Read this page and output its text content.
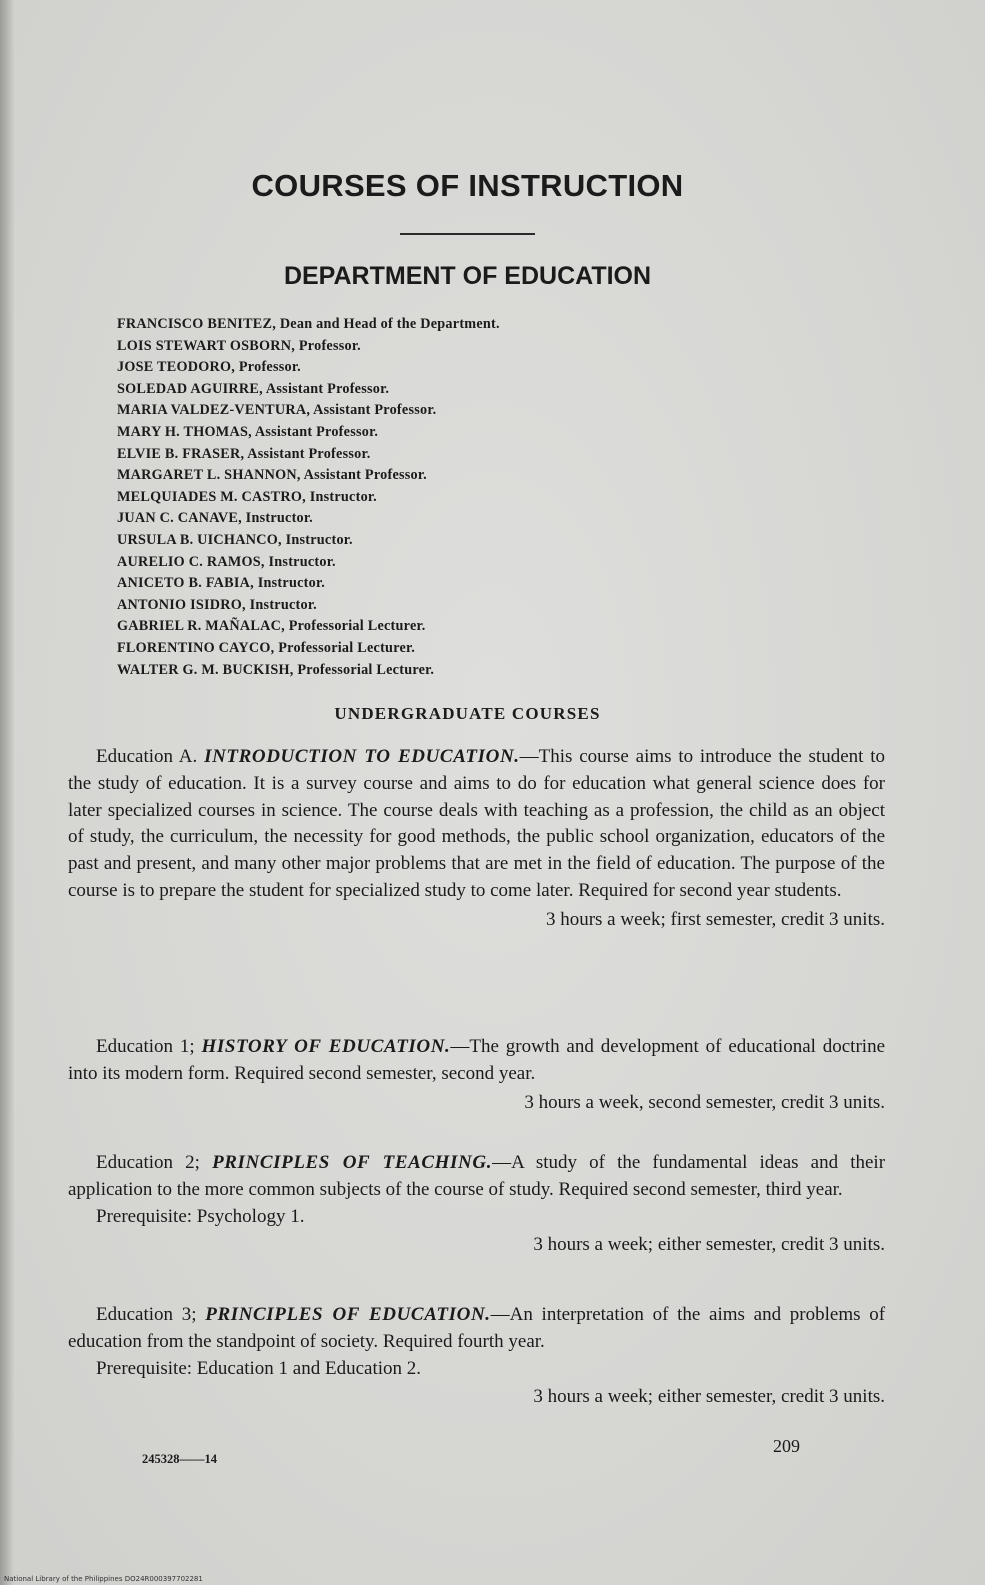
COURSES OF INSTRUCTION
DEPARTMENT OF EDUCATION
FRANCISCO BENITEZ, Dean and Head of the Department.
LOIS STEWART OSBORN, Professor.
JOSE TEODORO, Professor.
SOLEDAD AGUIRRE, Assistant Professor.
MARIA VALDEZ-VENTURA, Assistant Professor.
MARY H. THOMAS, Assistant Professor.
ELVIE B. FRASER, Assistant Professor.
MARGARET L. SHANNON, Assistant Professor.
MELQUIADES M. CASTRO, Instructor.
JUAN C. CANAVE, Instructor.
URSULA B. UICHANCO, Instructor.
AURELIO C. RAMOS, Instructor.
ANICETO B. FABIA, Instructor.
ANTONIO ISIDRO, Instructor.
GABRIEL R. MAÑALAC, Professorial Lecturer.
FLORENTINO CAYCO, Professorial Lecturer.
WALTER G. M. BUCKISH, Professorial Lecturer.
UNDERGRADUATE COURSES

Education A. INTRODUCTION TO EDUCATION.—This course aims to introduce the student to the study of education. It is a survey course and aims to do for education what general science does for later specialized courses in science. The course deals with teaching as a profession, the child as an object of study, the curriculum, the necessity for good methods, the public school organization, educators of the past and present, and many other major problems that are met in the field of education. The purpose of the course is to prepare the student for specialized study to come later. Required for second year students.

3 hours a week; first semester, credit 3 units.

Education 1; HISTORY OF EDUCATION.—The growth and development of educational doctrine into its modern form. Required second semester, second year.

3 hours a week, second semester, credit 3 units.

Education 2; PRINCIPLES OF TEACHING.—A study of the fundamental ideas and their application to the more common subjects of the course of study. Required second semester, third year.

Prerequisite: Psychology 1.

3 hours a week; either semester, credit 3 units.

Education 3; PRINCIPLES OF EDUCATION.—An interpretation of the aims and problems of education from the standpoint of society. Required fourth year.

Prerequisite: Education 1 and Education 2.

3 hours a week; either semester, credit 3 units.

245328——14
209
National Library of the Philippines DO24R000397702281
